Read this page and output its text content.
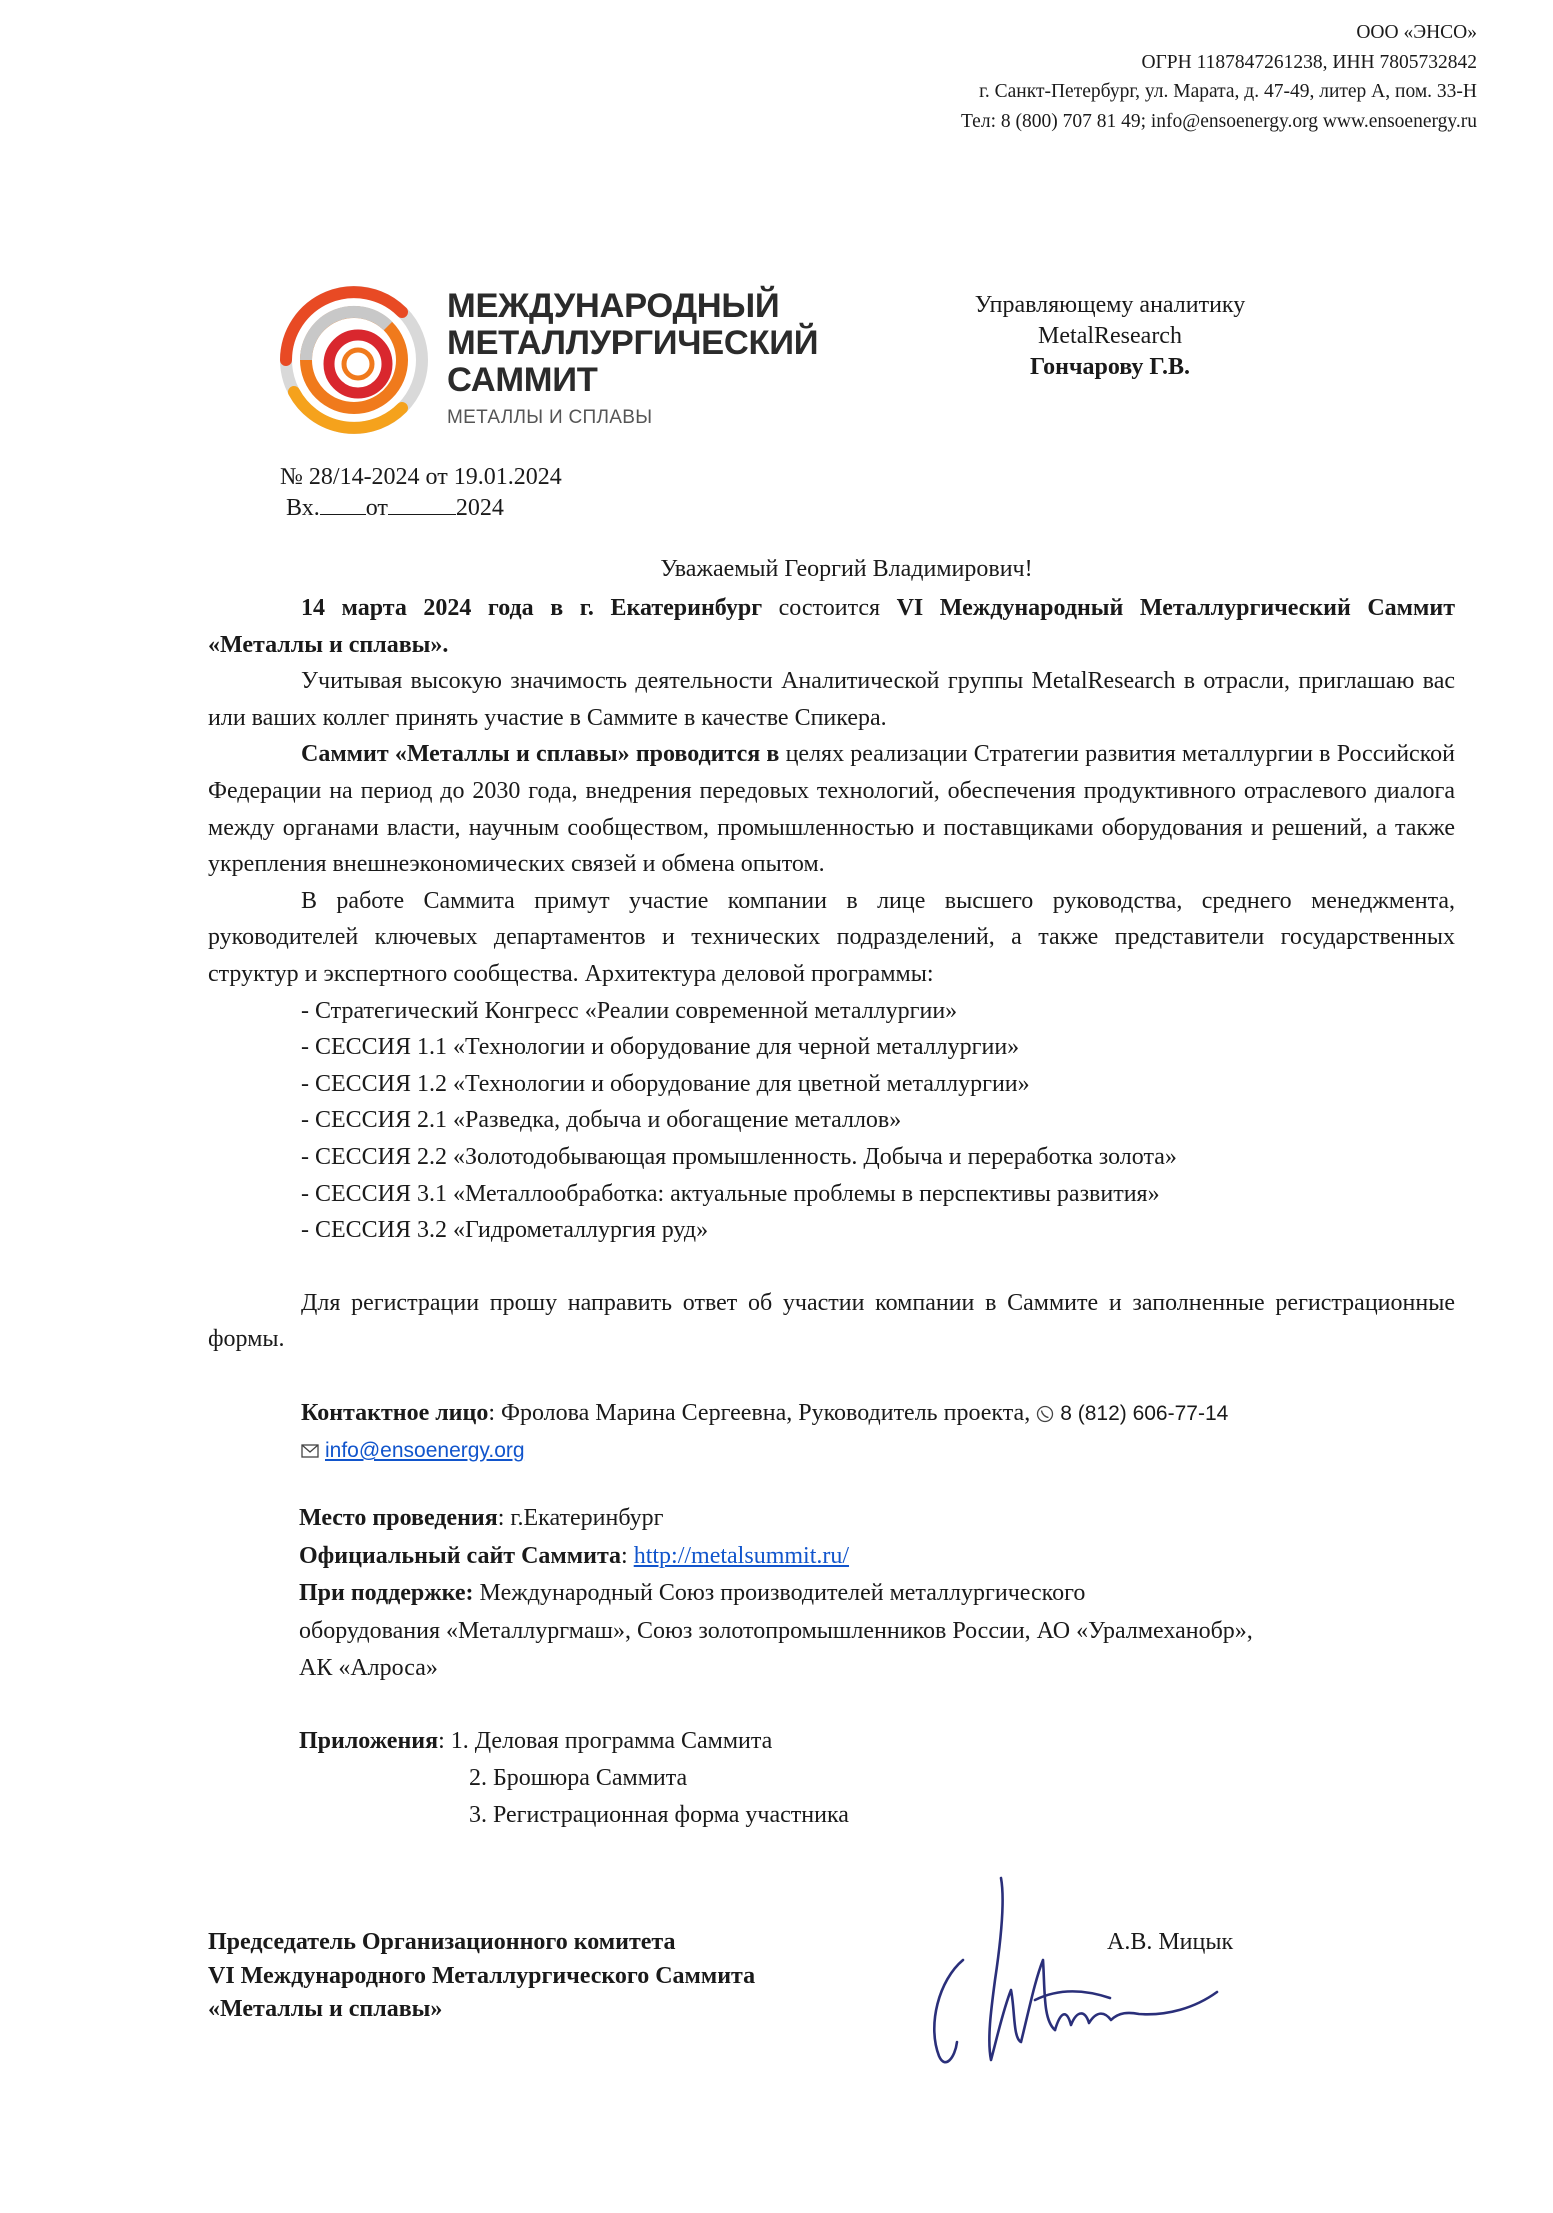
ООО «ЭНСО»
ОГРН 1187847261238, ИНН 7805732842
г. Санкт-Петербург, ул. Марата, д. 47-49, литер А, пом. 33-Н
Тел: 8 (800) 707 81 49; info@ensoenergy.org www.ensoenergy.ru
МЕЖДУНАРОДНЫЙ
МЕТАЛЛУРГИЧЕСКИЙ
САММИТ
МЕТАЛЛЫ И СПЛАВЫ
Управляющему аналитику
MetalResearch
Гончарову Г.В.
№ 28/14-2024 от 19.01.2024
Вх. от	2024
Уважаемый Георгий Владимирович!

14 марта 2024 года в г. Екатеринбург состоится VI Международный Металлургический Саммит «Металлы и сплавы».

Учитывая высокую значимость деятельности Аналитической группы MetalResearch в отрасли, приглашаю вас или ваших коллег принять участие в Саммите в качестве Спикера.

Саммит «Металлы и сплавы» проводится в целях реализации Стратегии развития металлургии в Российской Федерации на период до 2030 года, внедрения передовых технологий, обеспечения продуктивного отраслевого диалога между органами власти, научным сообществом, промышленностью и поставщиками оборудования и решений, а также укрепления внешнеэкономических связей и обмена опытом.

В работе Саммита примут участие компании в лице высшего руководства, среднего менеджмента, руководителей ключевых департаментов и технических подразделений, а также представители государственных структур и экспертного сообщества. Архитектура деловой программы:

- Стратегический Конгресс «Реалии современной металлургии»
- СЕССИЯ 1.1 «Технологии и оборудование для черной металлургии»
- СЕССИЯ 1.2 «Технологии и оборудование для цветной металлургии»
- СЕССИЯ 2.1 «Разведка, добыча и обогащение металлов»
- СЕССИЯ 2.2 «Золотодобывающая промышленность. Добыча и переработка золота»
- СЕССИЯ 3.1 «Металлообработка: актуальные проблемы в перспективы развития»
- СЕССИЯ 3.2 «Гидрометаллургия руд»

Для регистрации прошу направить ответ об участии компании в Саммите и заполненные регистрационные формы.

Контактное лицо: Фролова Марина Сергеевна, Руководитель проекта,  8 (812) 606-77-14
info@ensoenergy.org
Место проведения: г.Екатеринбург
Официальный сайт Саммита: http://metalsummit.ru/
При поддержке: Международный Союз производителей металлургического
оборудования «Металлургмаш», Союз золотопромышленников России, АО «Уралмеханобр»,
АК «Алроса»
Приложения: 1. Деловая программа Саммита
2. Брошюра Саммита
3. Регистрационная форма участника
Председатель Организационного комитета
VI Международного Металлургического Саммита
«Металлы и сплавы»
А.В. Мицык
